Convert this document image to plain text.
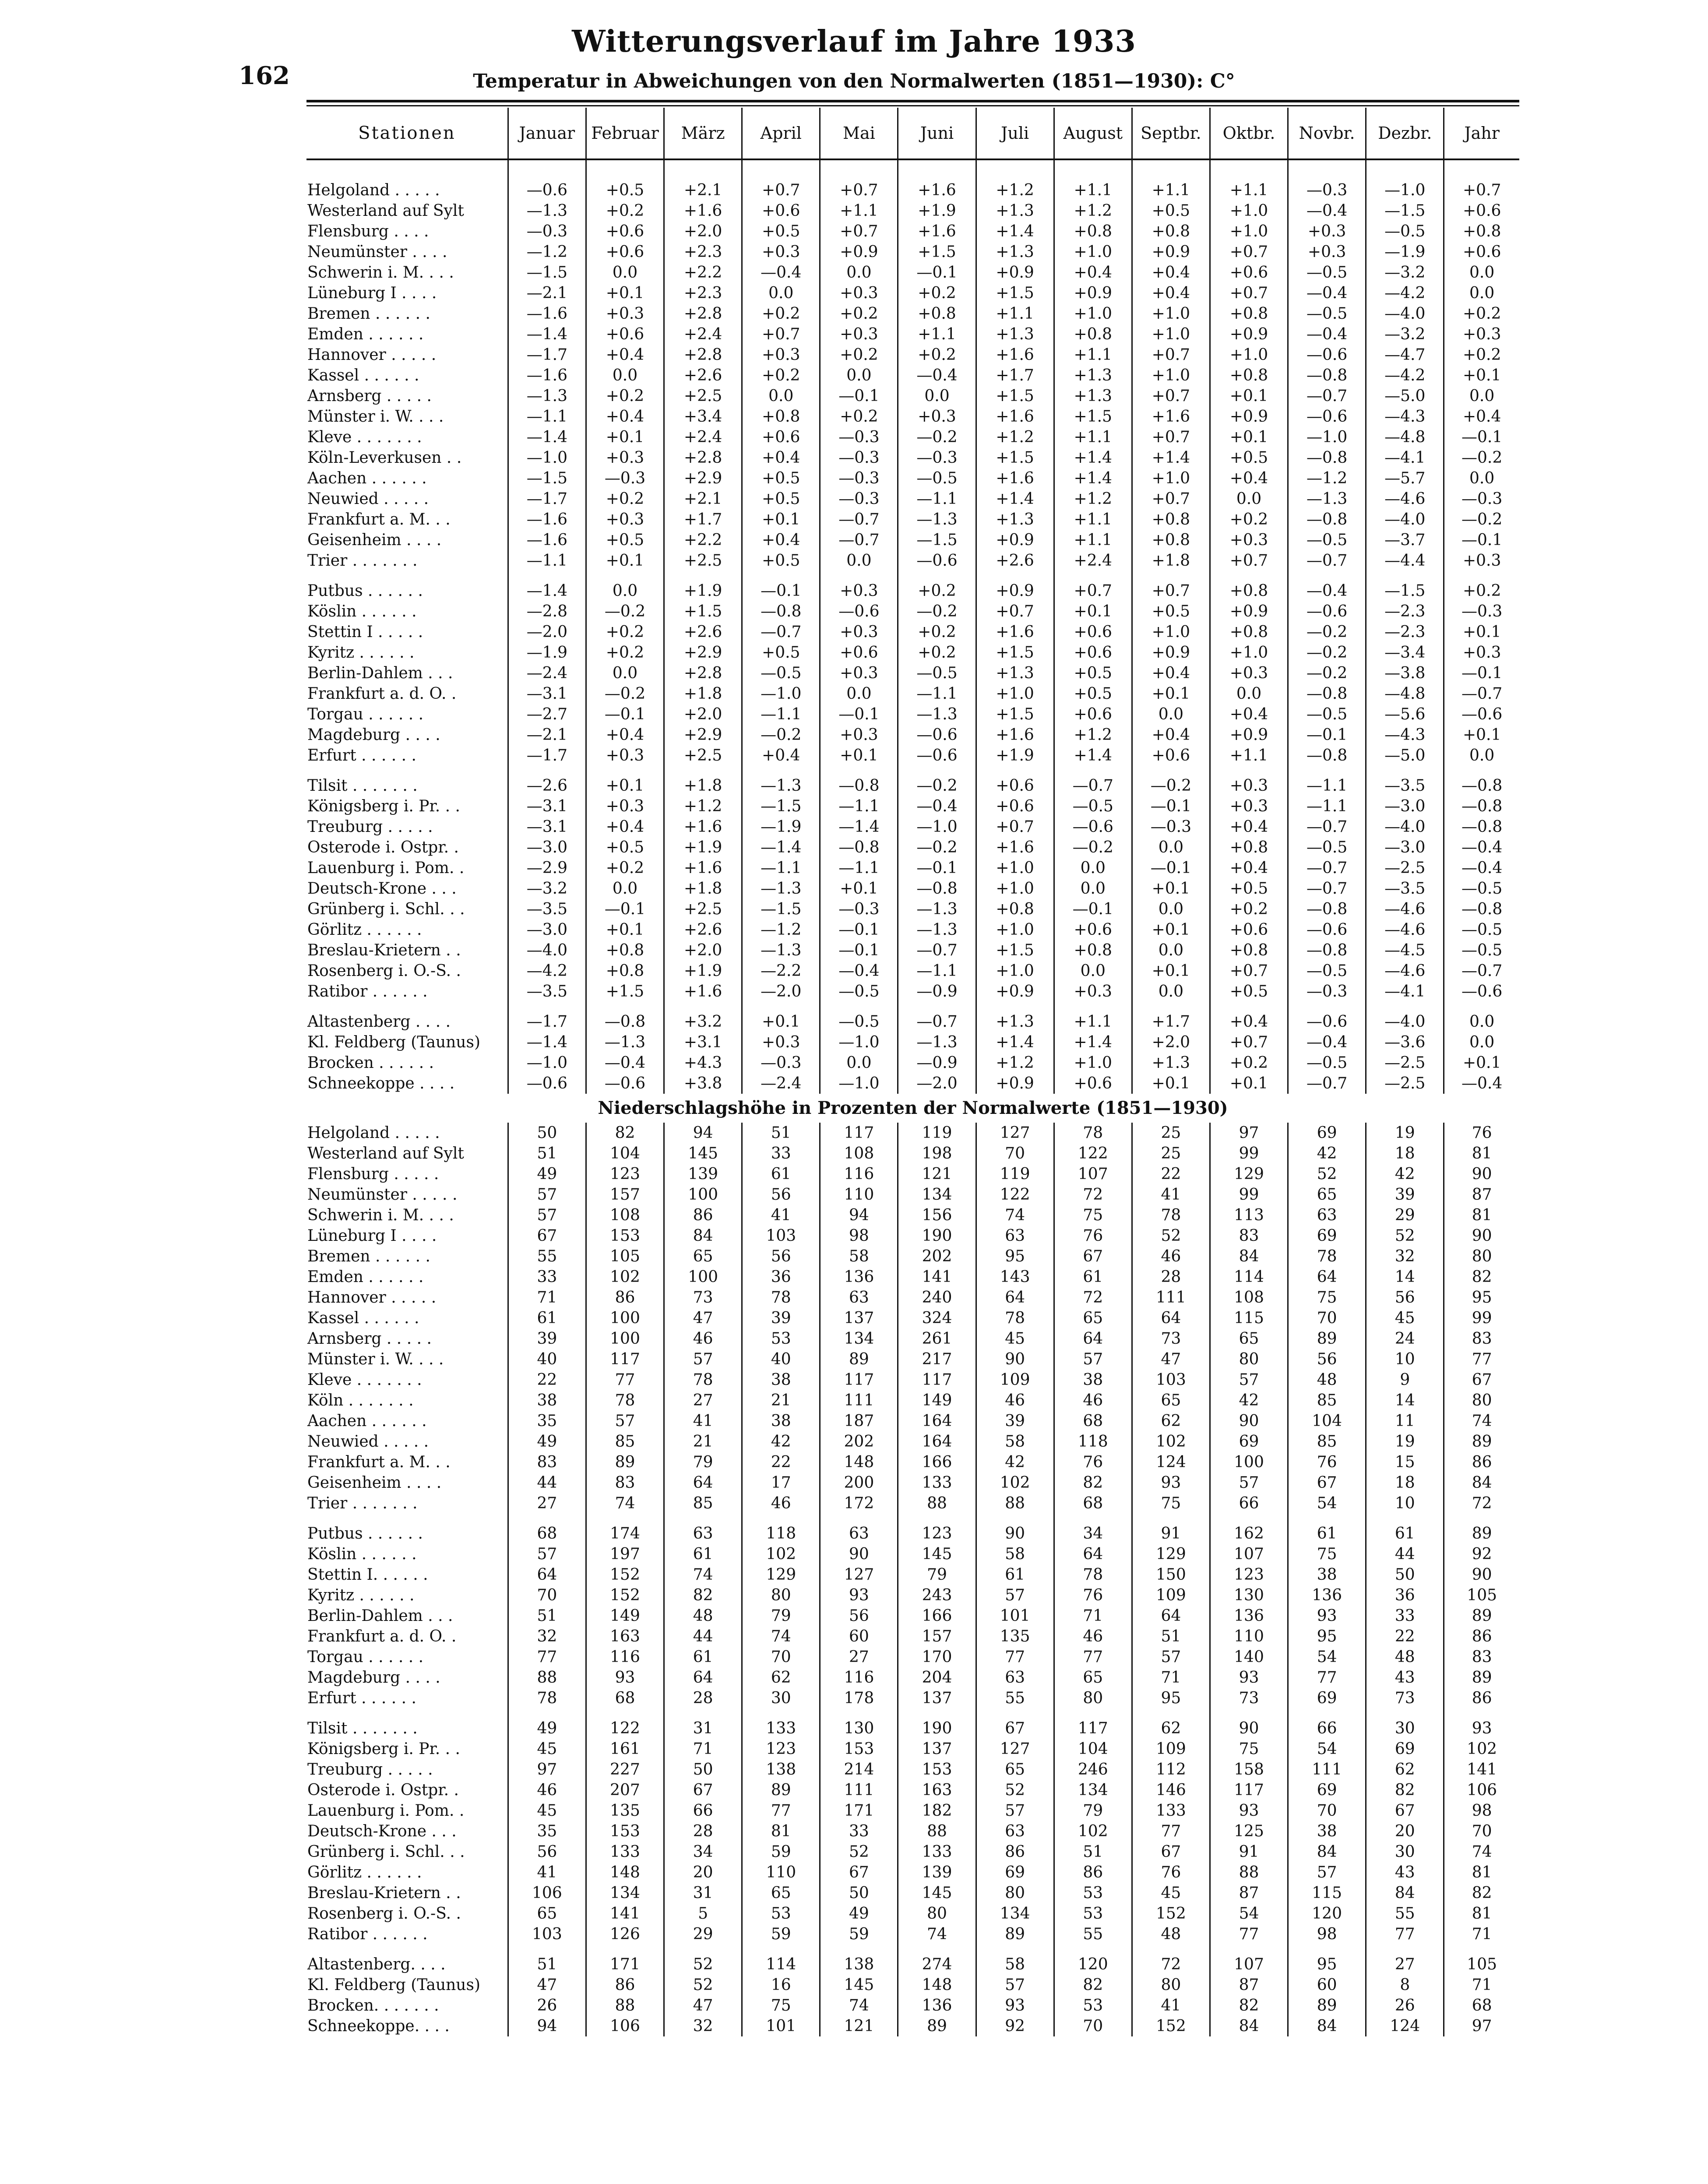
162
Witterungsverlauf im Jahre 1933
Temperatur in Abweichungen von den Normalwerten (1851—1930): C°
Stationen	Januar	Februar	März	April	Mai	Juni	Juli	August	Septbr.	Oktbr.	Novbr.	Dezbr.	Jahr

Helgoland . . . . .	—0.6	+0.5	+2.1	+0.7	+0.7	+1.6	+1.2	+1.1	+1.1	+1.1	—0.3	—1.0	+0.7
Westerland auf Sylt	—1.3	+0.2	+1.6	+0.6	+1.1	+1.9	+1.3	+1.2	+0.5	+1.0	—0.4	—1.5	+0.6
Flensburg . . . .	—0.3	+0.6	+2.0	+0.5	+0.7	+1.6	+1.4	+0.8	+0.8	+1.0	+0.3	—0.5	+0.8
Neumünster . . . .	—1.2	+0.6	+2.3	+0.3	+0.9	+1.5	+1.3	+1.0	+0.9	+0.7	+0.3	—1.9	+0.6
Schwerin i. M. . . .	—1.5	0.0	+2.2	—0.4	0.0	—0.1	+0.9	+0.4	+0.4	+0.6	—0.5	—3.2	0.0
Lüneburg I . . . .	—2.1	+0.1	+2.3	0.0	+0.3	+0.2	+1.5	+0.9	+0.4	+0.7	—0.4	—4.2	0.0
Bremen . . . . . .	—1.6	+0.3	+2.8	+0.2	+0.2	+0.8	+1.1	+1.0	+1.0	+0.8	—0.5	—4.0	+0.2
Emden . . . . . .	—1.4	+0.6	+2.4	+0.7	+0.3	+1.1	+1.3	+0.8	+1.0	+0.9	—0.4	—3.2	+0.3
Hannover . . . . .	—1.7	+0.4	+2.8	+0.3	+0.2	+0.2	+1.6	+1.1	+0.7	+1.0	—0.6	—4.7	+0.2
Kassel . . . . . .	—1.6	0.0	+2.6	+0.2	0.0	—0.4	+1.7	+1.3	+1.0	+0.8	—0.8	—4.2	+0.1
Arnsberg . . . . .	—1.3	+0.2	+2.5	0.0	—0.1	0.0	+1.5	+1.3	+0.7	+0.1	—0.7	—5.0	0.0
Münster i. W. . . .	—1.1	+0.4	+3.4	+0.8	+0.2	+0.3	+1.6	+1.5	+1.6	+0.9	—0.6	—4.3	+0.4
Kleve . . . . . . .	—1.4	+0.1	+2.4	+0.6	—0.3	—0.2	+1.2	+1.1	+0.7	+0.1	—1.0	—4.8	—0.1
Köln-Leverkusen . .	—1.0	+0.3	+2.8	+0.4	—0.3	—0.3	+1.5	+1.4	+1.4	+0.5	—0.8	—4.1	—0.2
Aachen . . . . . .	—1.5	—0.3	+2.9	+0.5	—0.3	—0.5	+1.6	+1.4	+1.0	+0.4	—1.2	—5.7	0.0
Neuwied . . . . .	—1.7	+0.2	+2.1	+0.5	—0.3	—1.1	+1.4	+1.2	+0.7	0.0	—1.3	—4.6	—0.3
Frankfurt a. M. . .	—1.6	+0.3	+1.7	+0.1	—0.7	—1.3	+1.3	+1.1	+0.8	+0.2	—0.8	—4.0	—0.2
Geisenheim . . . .	—1.6	+0.5	+2.2	+0.4	—0.7	—1.5	+0.9	+1.1	+0.8	+0.3	—0.5	—3.7	—0.1
Trier . . . . . . .	—1.1	+0.1	+2.5	+0.5	0.0	—0.6	+2.6	+2.4	+1.8	+0.7	—0.7	—4.4	+0.3

Putbus . . . . . .	—1.4	0.0	+1.9	—0.1	+0.3	+0.2	+0.9	+0.7	+0.7	+0.8	—0.4	—1.5	+0.2
Köslin . . . . . .	—2.8	—0.2	+1.5	—0.8	—0.6	—0.2	+0.7	+0.1	+0.5	+0.9	—0.6	—2.3	—0.3
Stettin I . . . . .	—2.0	+0.2	+2.6	—0.7	+0.3	+0.2	+1.6	+0.6	+1.0	+0.8	—0.2	—2.3	+0.1
Kyritz . . . . . .	—1.9	+0.2	+2.9	+0.5	+0.6	+0.2	+1.5	+0.6	+0.9	+1.0	—0.2	—3.4	+0.3
Berlin-Dahlem . . .	—2.4	0.0	+2.8	—0.5	+0.3	—0.5	+1.3	+0.5	+0.4	+0.3	—0.2	—3.8	—0.1
Frankfurt a. d. O. .	—3.1	—0.2	+1.8	—1.0	0.0	—1.1	+1.0	+0.5	+0.1	0.0	—0.8	—4.8	—0.7
Torgau . . . . . .	—2.7	—0.1	+2.0	—1.1	—0.1	—1.3	+1.5	+0.6	0.0	+0.4	—0.5	—5.6	—0.6
Magdeburg . . . .	—2.1	+0.4	+2.9	—0.2	+0.3	—0.6	+1.6	+1.2	+0.4	+0.9	—0.1	—4.3	+0.1
Erfurt . . . . . .	—1.7	+0.3	+2.5	+0.4	+0.1	—0.6	+1.9	+1.4	+0.6	+1.1	—0.8	—5.0	0.0

Tilsit . . . . . . .	—2.6	+0.1	+1.8	—1.3	—0.8	—0.2	+0.6	—0.7	—0.2	+0.3	—1.1	—3.5	—0.8
Königsberg i. Pr. . .	—3.1	+0.3	+1.2	—1.5	—1.1	—0.4	+0.6	—0.5	—0.1	+0.3	—1.1	—3.0	—0.8
Treuburg . . . . .	—3.1	+0.4	+1.6	—1.9	—1.4	—1.0	+0.7	—0.6	—0.3	+0.4	—0.7	—4.0	—0.8
Osterode i. Ostpr. .	—3.0	+0.5	+1.9	—1.4	—0.8	—0.2	+1.6	—0.2	0.0	+0.8	—0.5	—3.0	—0.4
Lauenburg i. Pom. .	—2.9	+0.2	+1.6	—1.1	—1.1	—0.1	+1.0	0.0	—0.1	+0.4	—0.7	—2.5	—0.4
Deutsch-Krone . . .	—3.2	0.0	+1.8	—1.3	+0.1	—0.8	+1.0	0.0	+0.1	+0.5	—0.7	—3.5	—0.5
Grünberg i. Schl. . .	—3.5	—0.1	+2.5	—1.5	—0.3	—1.3	+0.8	—0.1	0.0	+0.2	—0.8	—4.6	—0.8
Görlitz . . . . . .	—3.0	+0.1	+2.6	—1.2	—0.1	—1.3	+1.0	+0.6	+0.1	+0.6	—0.6	—4.6	—0.5
Breslau-Krietern . .	—4.0	+0.8	+2.0	—1.3	—0.1	—0.7	+1.5	+0.8	0.0	+0.8	—0.8	—4.5	—0.5
Rosenberg i. O.-S. .	—4.2	+0.8	+1.9	—2.2	—0.4	—1.1	+1.0	0.0	+0.1	+0.7	—0.5	—4.6	—0.7
Ratibor . . . . . .	—3.5	+1.5	+1.6	—2.0	—0.5	—0.9	+0.9	+0.3	0.0	+0.5	—0.3	—4.1	—0.6

Altastenberg . . . .	—1.7	—0.8	+3.2	+0.1	—0.5	—0.7	+1.3	+1.1	+1.7	+0.4	—0.6	—4.0	0.0
Kl. Feldberg (Taunus)	—1.4	—1.3	+3.1	+0.3	—1.0	—1.3	+1.4	+1.4	+2.0	+0.7	—0.4	—3.6	0.0
Brocken . . . . . .	—1.0	—0.4	+4.3	—0.3	0.0	—0.9	+1.2	+1.0	+1.3	+0.2	—0.5	—2.5	+0.1
Schneekoppe . . . .	—0.6	—0.6	+3.8	—2.4	—1.0	—2.0	+0.9	+0.6	+0.1	+0.1	—0.7	—2.5	—0.4
Niederschlagshöhe in Prozenten der Normalwerte (1851—1930)													
Helgoland . . . . .	50	82	94	51	117	119	127	78	25	97	69	19	76
Westerland auf Sylt	51	104	145	33	108	198	70	122	25	99	42	18	81
Flensburg . . . . .	49	123	139	61	116	121	119	107	22	129	52	42	90
Neumünster . . . . .	57	157	100	56	110	134	122	72	41	99	65	39	87
Schwerin i. M. . . .	57	108	86	41	94	156	74	75	78	113	63	29	81
Lüneburg I . . . .	67	153	84	103	98	190	63	76	52	83	69	52	90
Bremen . . . . . .	55	105	65	56	58	202	95	67	46	84	78	32	80
Emden . . . . . .	33	102	100	36	136	141	143	61	28	114	64	14	82
Hannover . . . . .	71	86	73	78	63	240	64	72	111	108	75	56	95
Kassel . . . . . .	61	100	47	39	137	324	78	65	64	115	70	45	99
Arnsberg . . . . .	39	100	46	53	134	261	45	64	73	65	89	24	83
Münster i. W. . . .	40	117	57	40	89	217	90	57	47	80	56	10	77
Kleve . . . . . . .	22	77	78	38	117	117	109	38	103	57	48	9	67
Köln . . . . . . .	38	78	27	21	111	149	46	46	65	42	85	14	80
Aachen . . . . . .	35	57	41	38	187	164	39	68	62	90	104	11	74
Neuwied . . . . .	49	85	21	42	202	164	58	118	102	69	85	19	89
Frankfurt a. M. . .	83	89	79	22	148	166	42	76	124	100	76	15	86
Geisenheim . . . .	44	83	64	17	200	133	102	82	93	57	67	18	84
Trier . . . . . . .	27	74	85	46	172	88	88	68	75	66	54	10	72

Putbus . . . . . .	68	174	63	118	63	123	90	34	91	162	61	61	89
Köslin . . . . . .	57	197	61	102	90	145	58	64	129	107	75	44	92
Stettin I. . . . . .	64	152	74	129	127	79	61	78	150	123	38	50	90
Kyritz . . . . . .	70	152	82	80	93	243	57	76	109	130	136	36	105
Berlin-Dahlem . . .	51	149	48	79	56	166	101	71	64	136	93	33	89
Frankfurt a. d. O. .	32	163	44	74	60	157	135	46	51	110	95	22	86
Torgau . . . . . .	77	116	61	70	27	170	77	77	57	140	54	48	83
Magdeburg . . . .	88	93	64	62	116	204	63	65	71	93	77	43	89
Erfurt . . . . . .	78	68	28	30	178	137	55	80	95	73	69	73	86

Tilsit . . . . . . .	49	122	31	133	130	190	67	117	62	90	66	30	93
Königsberg i. Pr. . .	45	161	71	123	153	137	127	104	109	75	54	69	102
Treuburg . . . . .	97	227	50	138	214	153	65	246	112	158	111	62	141
Osterode i. Ostpr. .	46	207	67	89	111	163	52	134	146	117	69	82	106
Lauenburg i. Pom. .	45	135	66	77	171	182	57	79	133	93	70	67	98
Deutsch-Krone . . .	35	153	28	81	33	88	63	102	77	125	38	20	70
Grünberg i. Schl. . .	56	133	34	59	52	133	86	51	67	91	84	30	74
Görlitz . . . . . .	41	148	20	110	67	139	69	86	76	88	57	43	81
Breslau-Krietern . .	106	134	31	65	50	145	80	53	45	87	115	84	82
Rosenberg i. O.-S. .	65	141	5	53	49	80	134	53	152	54	120	55	81
Ratibor . . . . . .	103	126	29	59	59	74	89	55	48	77	98	77	71

Altastenberg. . . .	51	171	52	114	138	274	58	120	72	107	95	27	105
Kl. Feldberg (Taunus)	47	86	52	16	145	148	57	82	80	87	60	8	71
Brocken. . . . . . .	26	88	47	75	74	136	93	53	41	82	89	26	68
Schneekoppe. . . .	94	106	32	101	121	89	92	70	152	84	84	124	97
